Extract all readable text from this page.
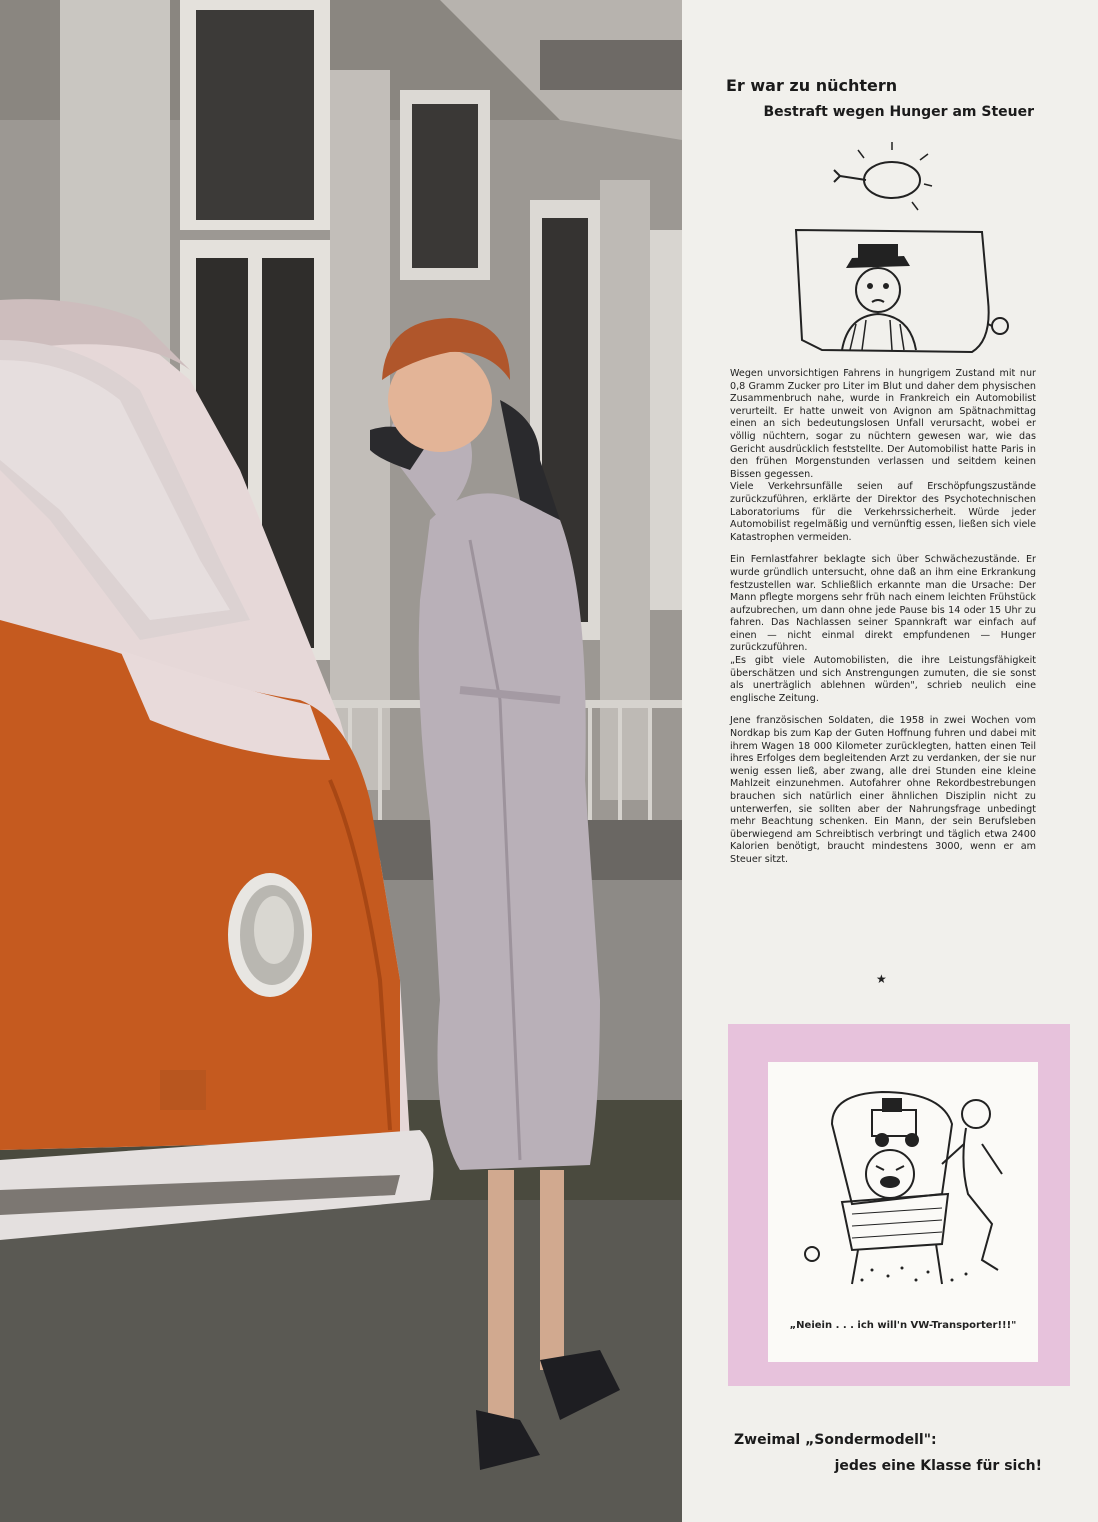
Er war zu nüchtern
Bestraft wegen Hunger am Steuer

Wegen unvorsichtigen Fahrens in hungrigem Zustand mit nur 0,8 Gramm Zucker pro Liter im Blut und daher dem physischen Zusammenbruch nahe, wurde in Frankreich ein Automobilist verurteilt. Er hatte unweit von Avignon am Spätnachmittag einen an sich bedeutungslosen Unfall verursacht, wobei er völlig nüchtern, sogar zu nüchtern gewesen war, wie das Gericht ausdrücklich feststellte. Der Automobilist hatte Paris in den frühen Morgenstunden verlassen und seitdem keinen Bissen gegessen.

Viele Verkehrsunfälle seien auf Erschöpfungszustände zurückzuführen, erklärte der Direktor des Psychotechnischen Laboratoriums für die Verkehrssicherheit. Würde jeder Automobilist regelmäßig und vernünftig essen, ließen sich viele Katastrophen vermeiden.

Ein Fernlastfahrer beklagte sich über Schwächezustände. Er wurde gründlich untersucht, ohne daß an ihm eine Erkrankung festzustellen war. Schließlich erkannte man die Ursache: Der Mann pflegte morgens sehr früh nach einem leichten Frühstück aufzubrechen, um dann ohne jede Pause bis 14 oder 15 Uhr zu fahren. Das Nachlassen seiner Spannkraft war einfach auf einen — nicht einmal direkt empfundenen — Hunger zurückzuführen.

„Es gibt viele Automobilisten, die ihre Leistungsfähigkeit überschätzen und sich Anstrengungen zumuten, die sie sonst als unerträglich ablehnen würden", schrieb neulich eine englische Zeitung.

Jene französischen Soldaten, die 1958 in zwei Wochen vom Nordkap bis zum Kap der Guten Hoffnung fuhren und dabei mit ihrem Wagen 18 000 Kilometer zurücklegten, hatten einen Teil ihres Erfolges dem begleitenden Arzt zu verdanken, der sie nur wenig essen ließ, aber zwang, alle drei Stunden eine kleine Mahlzeit einzunehmen. Autofahrer ohne Rekordbestrebungen brauchen sich natürlich einer ähnlichen Disziplin nicht zu unterwerfen, sie sollten aber der Nahrungsfrage unbedingt mehr Beachtung schenken. Ein Mann, der sein Berufsleben überwiegend am Schreibtisch verbringt und täglich etwa 2400 Kalorien benötigt, braucht mindestens 3000, wenn er am Steuer sitzt.

★
„Neiein . . . ich will'n VW-Transporter!!!"

Zweimal „Sondermodell":

jedes eine Klasse für sich!
